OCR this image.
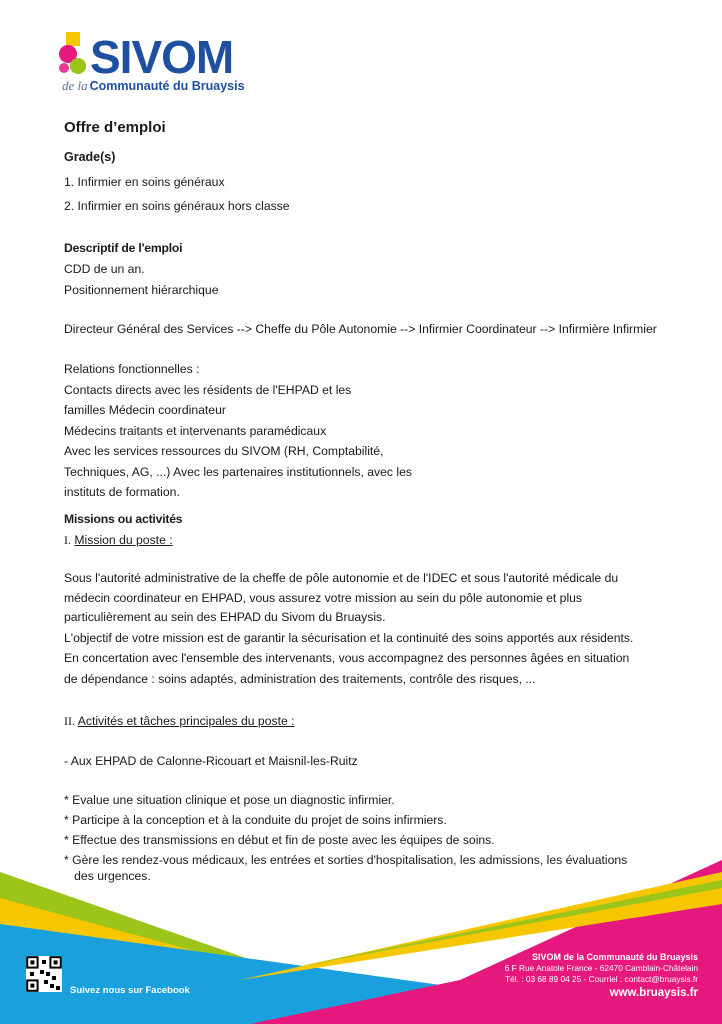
SIVOM
de la Communauté du Bruaysis
Offre d’emploi
Grade(s)
1. Infirmier en soins généraux
2. Infirmier en soins généraux hors classe
Descriptif de l'emploi
CDD de un an.
Positionnement hiérarchique
Directeur Général des Services --> Cheffe du Pôle Autonomie --> Infirmier Coordinateur --> Infirmière Infirmier
Relations fonctionnelles :
Contacts directs avec les résidents de l'EHPAD et les
familles Médecin coordinateur
Médecins traitants et intervenants paramédicaux
Avec les services ressources du SIVOM (RH, Comptabilité,
Techniques, AG, ...) Avec les partenaires institutionnels, avec les
instituts de formation.
Missions ou activités
I. Mission du poste :
Sous l'autorité administrative de la cheffe de pôle autonomie et de l'IDEC et sous l'autorité médicale du
médecin coordinateur en EHPAD, vous assurez votre mission au sein du pôle autonomie et plus
particulièrement au sein des EHPAD du Sivom du Bruaysis.
L'objectif de votre mission est de garantir la sécurisation et la continuité des soins apportés aux résidents.
En concertation avec l'ensemble des intervenants, vous accompagnez des personnes âgées en situation
de dépendance : soins adaptés, administration des traitements, contrôle des risques, ...
II. Activités et tâches principales du poste :
- Aux EHPAD de Calonne-Ricouart et Maisnil-les-Ruitz
* Evalue une situation clinique et pose un diagnostic infirmier.
* Participe à la conception et à la conduite du projet de soins infirmiers.
* Effectue des transmissions en début et fin de poste avec les équipes de soins.
* Gère les rendez-vous médicaux, les entrées et sorties d'hospitalisation, les admissions, les évaluations
des urgences.
Suivez nous sur Facebook
SIVOM de la Communauté du Bruaysis
6 F Rue Anatole France - 62470 Camblain-Châtelain
Tél. : 03 68 89 04 25 - Courriel : contact@bruaysis.fr
www.bruaysis.fr
